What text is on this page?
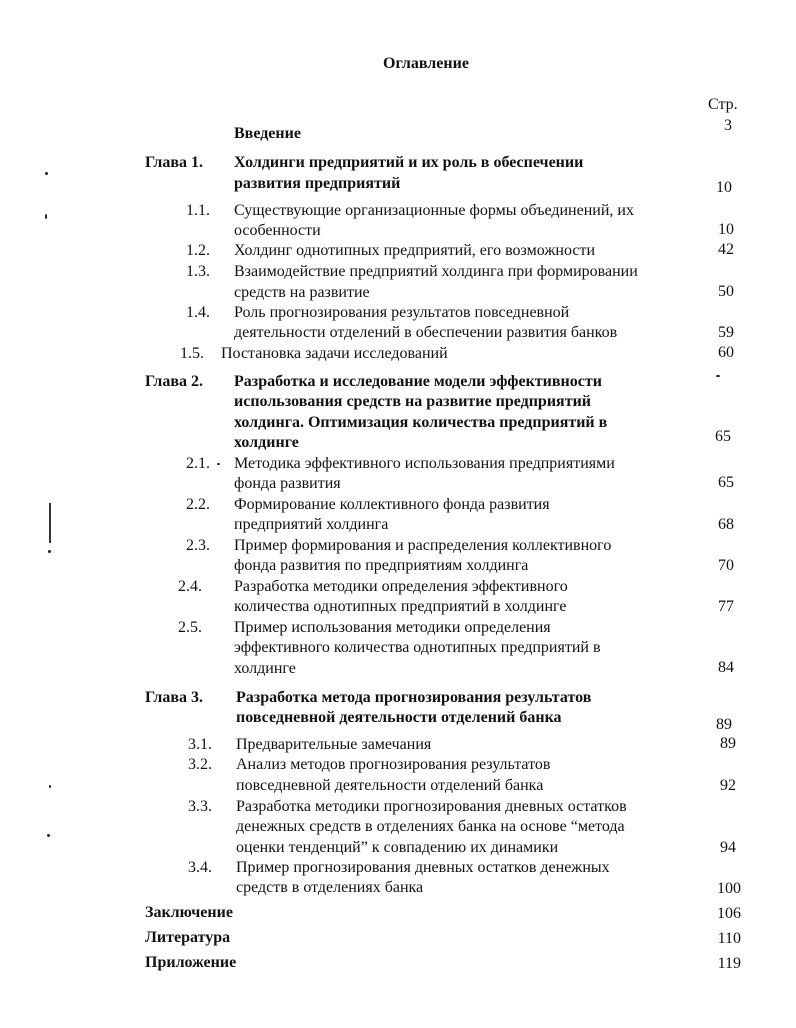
Оглавление
Стр.
Введение	3
Глава 1. Холдинги предприятий и их роль в обеспечении
развития предприятий	10
1.1. Существующие организационные формы объединений, их
особенности	10
1.2. Холдинг однотипных предприятий, его возможности	42
1.3. Взаимодействие предприятий холдинга при формировании
средств на развитие	50
1.4. Роль прогнозирования результатов повседневной
деятельности отделений в обеспечении развития банков	59
1.5. Постановка задачи исследований	60
Глава 2. Разработка и исследование модели эффективности
использования средств на развитие предприятий
холдинга. Оптимизация количества предприятий в
холдинге	65
2.1. Методика эффективного использования предприятиями
фонда развития	65
2.2. Формирование коллективного фонда развития
предприятий холдинга	68
2.3. Пример формирования и распределения коллективного
фонда развития по предприятиям холдинга	70
2.4. Разработка методики определения эффективного
количества однотипных предприятий в холдинге	77
2.5. Пример использования методики определения
эффективного количества однотипных предприятий в
холдинге	84
Глава 3. Разработка метода прогнозирования результатов
повседневной деятельности отделений банка	89
3.1. Предварительные замечания	89
3.2. Анализ методов прогнозирования результатов
повседневной деятельности отделений банка	92
3.3. Разработка методики прогнозирования дневных остатков
денежных средств в отделениях банка на основе “метода
оценки тенденций” к совпадению их динамики	94
3.4. Пример прогнозирования дневных остатков денежных
средств в отделениях банка	100
Заключение	106
Литература	110
Приложение	119
